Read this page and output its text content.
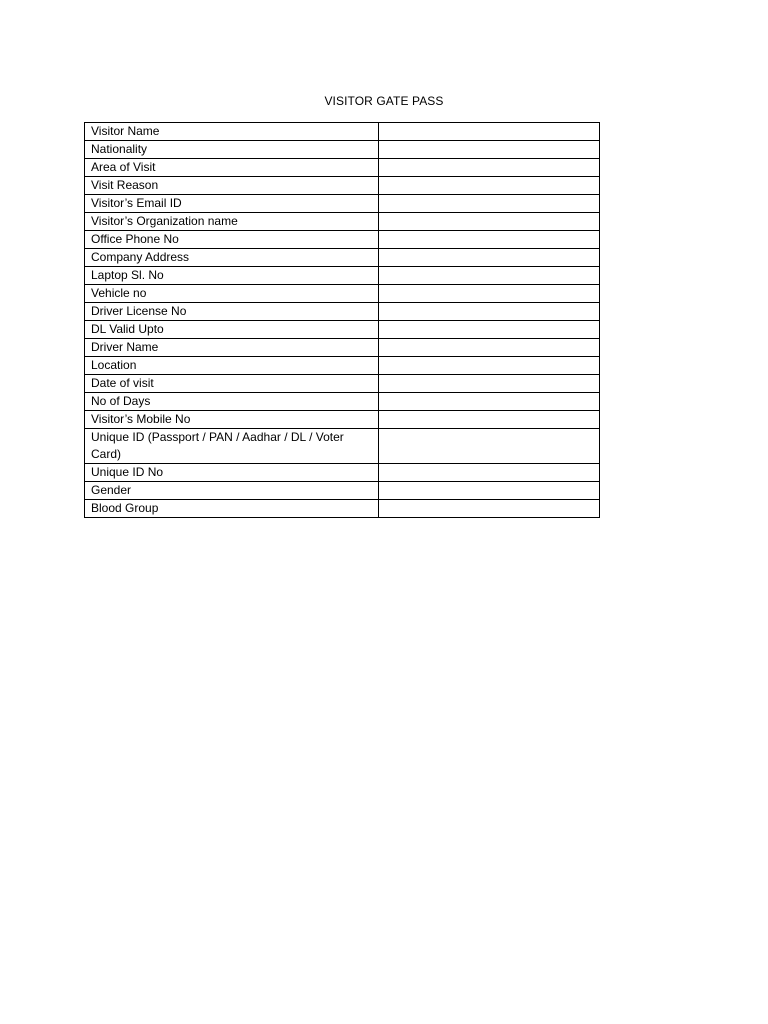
VISITOR GATE PASS
Visitor Name	
Nationality	
Area of Visit	
Visit Reason	
Visitor’s Email ID	
Visitor’s Organization name	
Office Phone No	
Company Address	
Laptop Sl. No	
Vehicle no	
Driver License No	
DL Valid Upto	
Driver Name	
Location	
Date of visit	
No of Days	
Visitor’s Mobile No	
Unique ID (Passport / PAN / Aadhar / DL / Voter Card)	
Unique ID No	
Gender	
Blood Group	
